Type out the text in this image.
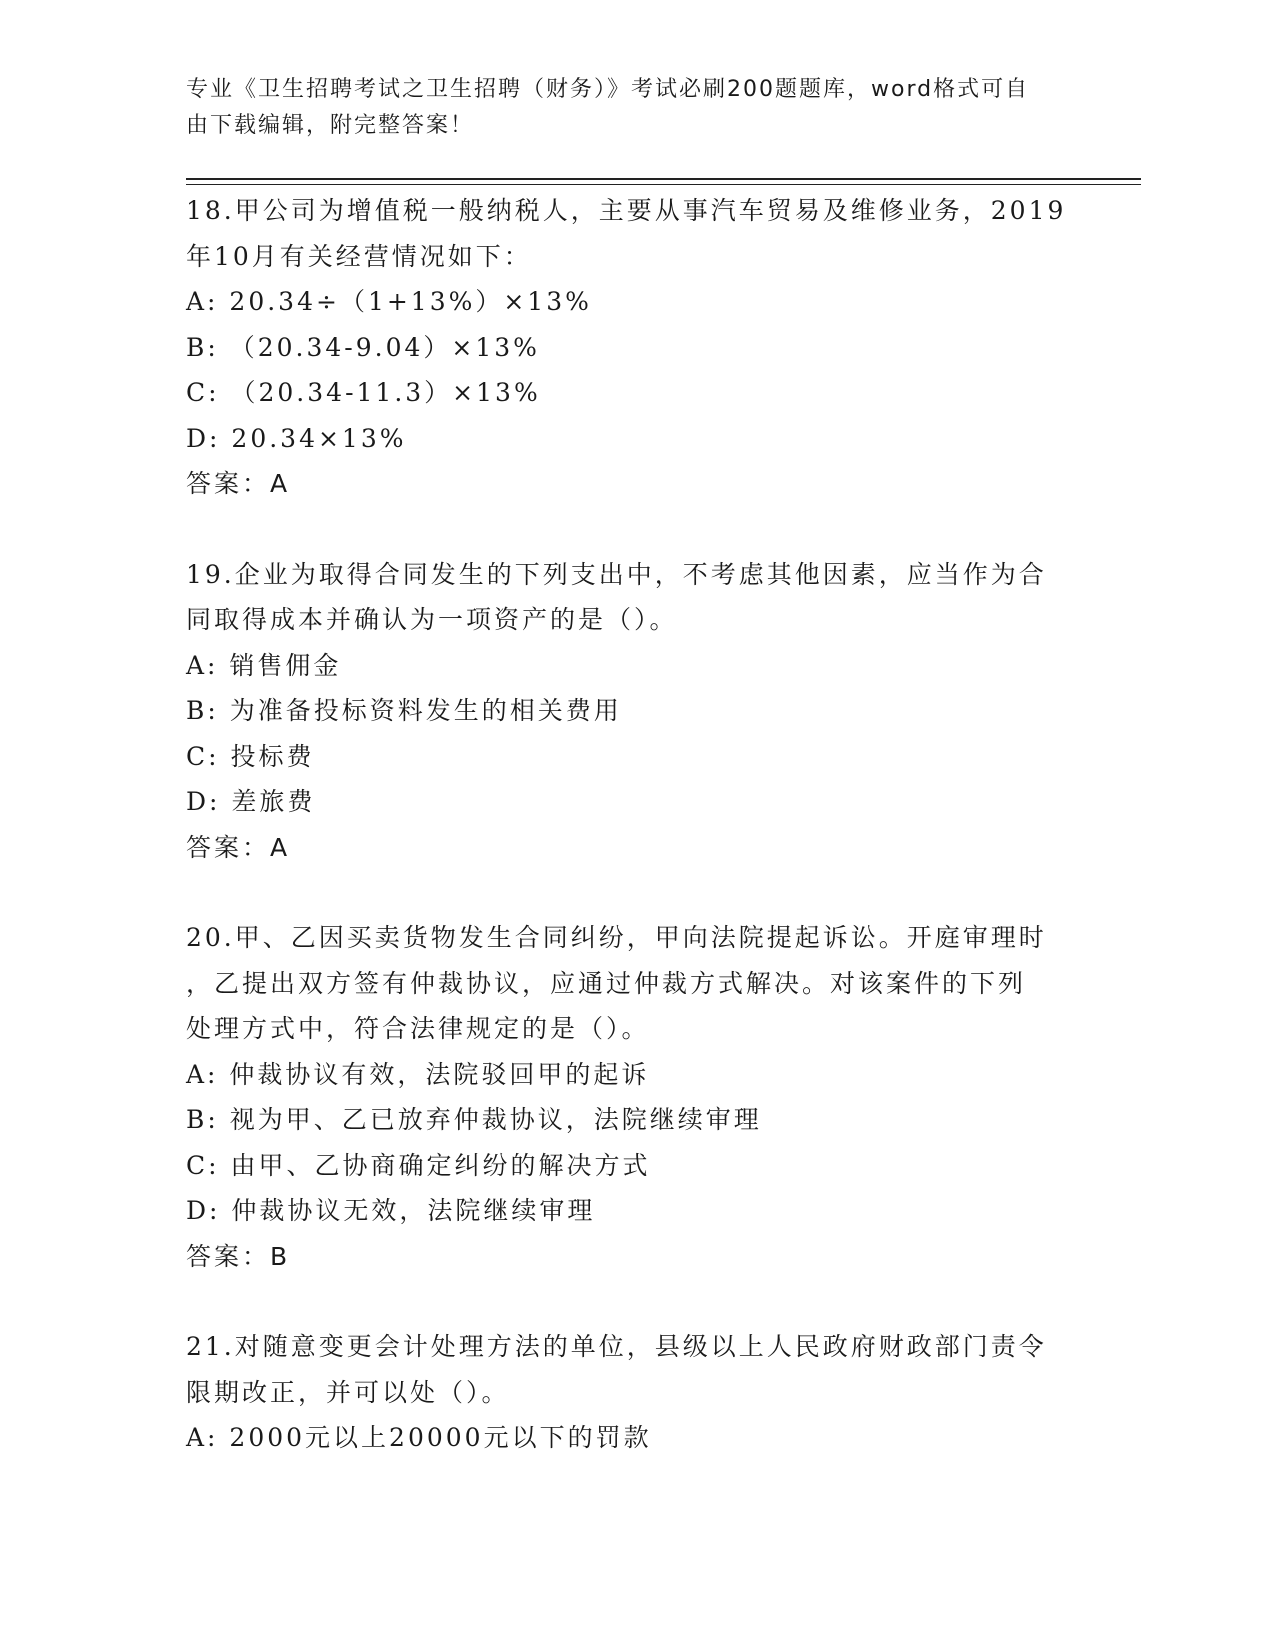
专业《卫生招聘考试之卫生招聘（财务）》考试必刷200题题库，word格式可自
由下载编辑，附完整答案！
18.甲公司为增值税一般纳税人，主要从事汽车贸易及维修业务，2019
年10月有关经营情况如下：
A: 20.34÷（1+13%）×13%
B: （20.34-9.04）×13%
C: （20.34-11.3）×13%
D: 20.34×13%
答案：A
19.企业为取得合同发生的下列支出中，不考虑其他因素，应当作为合
同取得成本并确认为一项资产的是（）。
A: 销售佣金
B: 为准备投标资料发生的相关费用
C: 投标费
D: 差旅费
答案：A
20.甲、乙因买卖货物发生合同纠纷，甲向法院提起诉讼。开庭审理时
，乙提出双方签有仲裁协议，应通过仲裁方式解决。对该案件的下列
处理方式中，符合法律规定的是（）。
A: 仲裁协议有效，法院驳回甲的起诉
B: 视为甲、乙已放弃仲裁协议，法院继续审理
C: 由甲、乙协商确定纠纷的解决方式
D: 仲裁协议无效，法院继续审理
答案：B
21.对随意变更会计处理方法的单位，县级以上人民政府财政部门责令
限期改正，并可以处（）。
A: 2000元以上20000元以下的罚款
